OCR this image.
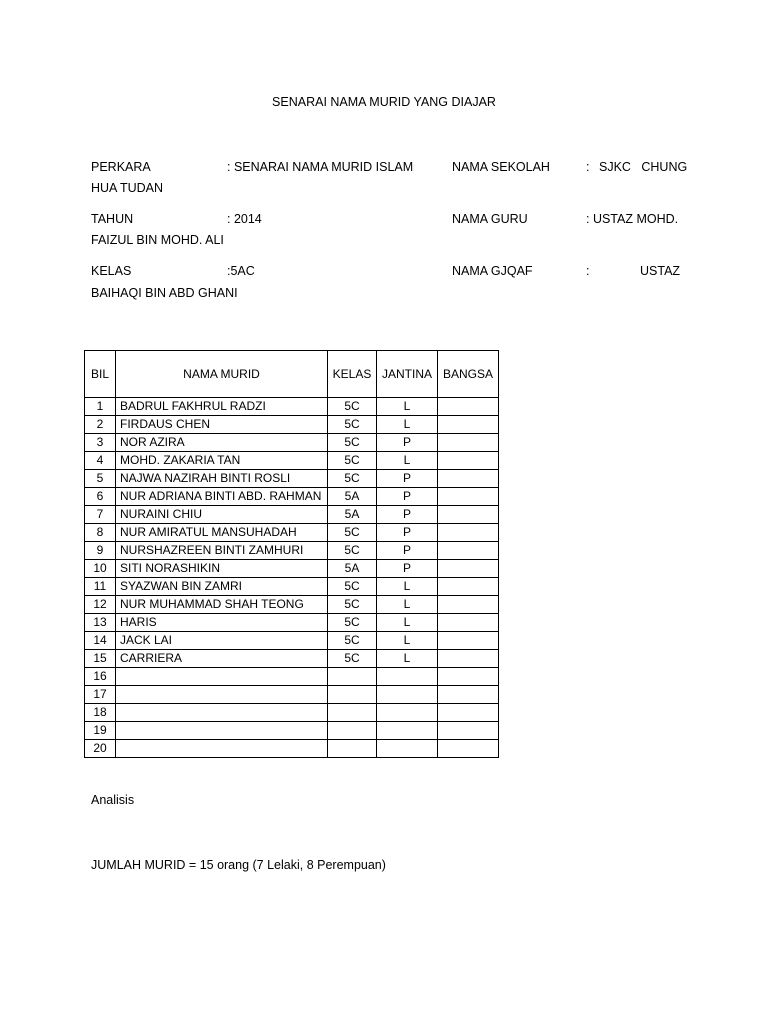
SENARAI NAMA MURID YANG DIAJAR
PERKARA	: SENARAI NAMA MURID ISLAM	NAMA SEKOLAH	: SJKC   CHUNG
HUA TUDAN
TAHUN	: 2014	NAMA GURU	: USTAZ MOHD.
FAIZUL BIN MOHD. ALI
KELAS	:5AC	NAMA GJQAF	:	USTAZ
BAIHAQI BIN ABD GHANI
BIL	NAMA MURID	KELAS	JANTINA	BANGSA
1	BADRUL FAKHRUL RADZI	5C	L	
2	FIRDAUS CHEN	5C	L	
3	NOR AZIRA	5C	P	
4	MOHD. ZAKARIA TAN	5C	L	
5	NAJWA NAZIRAH BINTI ROSLI	5C	P	
6	NUR ADRIANA BINTI ABD. RAHMAN	5A	P	
7	NURAINI CHIU	5A	P	
8	NUR AMIRATUL MANSUHADAH	5C	P	
9	NURSHAZREEN BINTI ZAMHURI	5C	P	
10	SITI NORASHIKIN	5A	P	
11	SYAZWAN BIN ZAMRI	5C	L	
12	NUR MUHAMMAD SHAH TEONG	5C	L	
13	HARIS	5C	L	
14	JACK LAI	5C	L	
15	CARRIERA	5C	L	
16				
17				
18				
19				
20				
Analisis
JUMLAH MURID = 15 orang (7 Lelaki, 8 Perempuan)
